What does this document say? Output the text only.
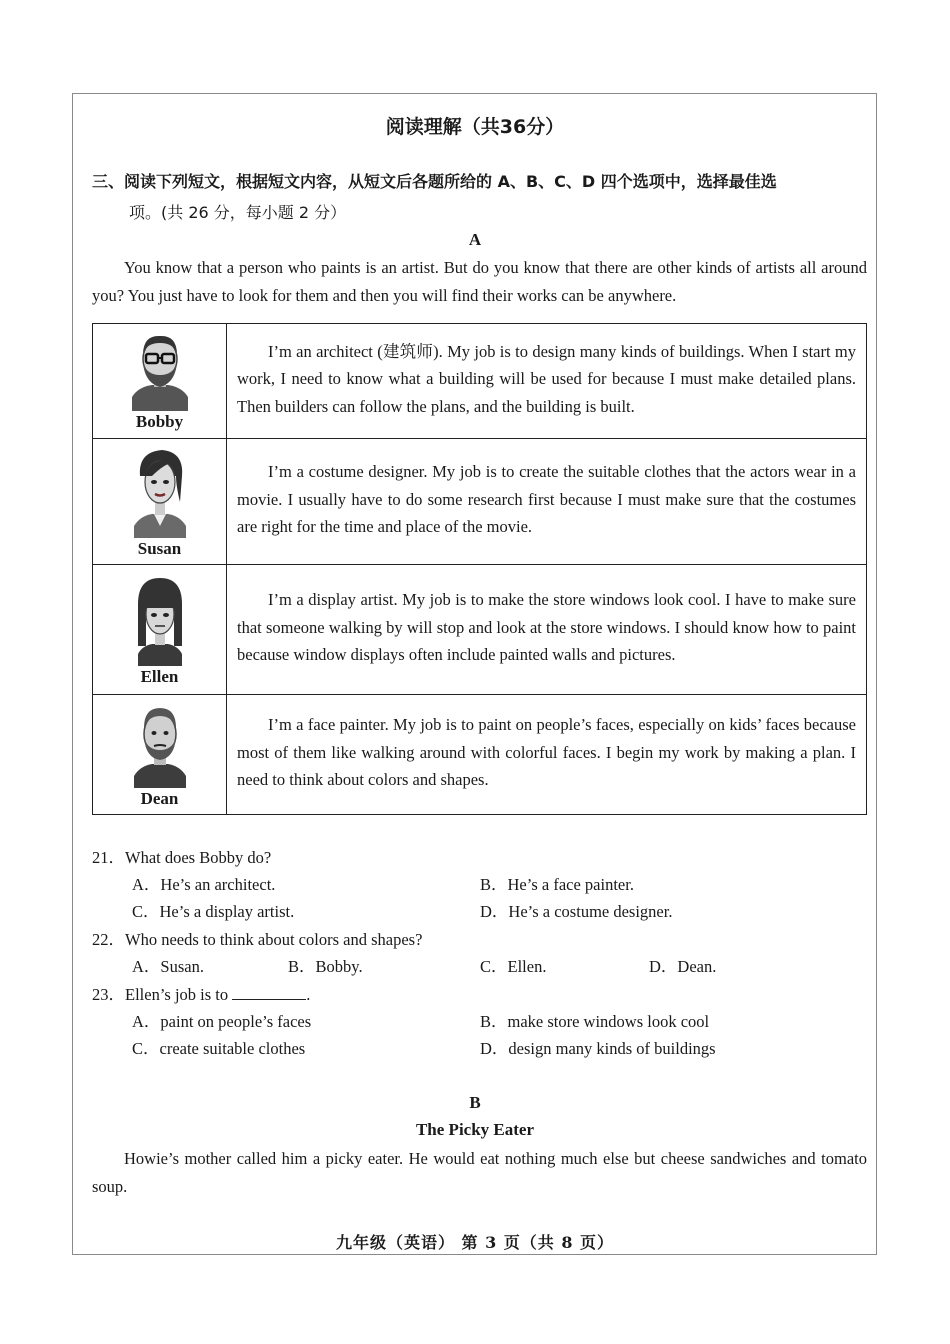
阅读理解（共36分）
三、阅读下列短文，根据短文内容，从短文后各题所给的 A、B、C、D 四个选项中，选择最佳选
项。(共 26 分，每小题 2 分）
A
You know that a person who paints is an artist. But do you know that there are other kinds of artists all around you? You just have to look for them and then you will find their works can be anywhere.
Bobby	I’m an architect (建筑师). My job is to design many kinds of buildings. When I start my work, I need to know what a building will be used for because I must make detailed plans. Then builders can follow the plans, and the building is built.

Susan	I’m a costume designer. My job is to create the suitable clothes that the actors wear in a movie. I usually have to do some research first because I must make sure that the costumes are right for the time and place of the movie.

Ellen	I’m a display artist. My job is to make the store windows look cool. I have to make sure that someone walking by will stop and look at the store windows. I should know how to paint because window displays often include painted walls and pictures.

Dean	I’m a face painter. My job is to paint on people’s faces, especially on kids’ faces because most of them like walking around with colorful faces. I begin my work by making a plan. I need to think about colors and shapes.
21．What does Bobby do?
A．He’s an architect.	B．He’s a face painter.
C．He’s a display artist.	D．He’s a costume designer.
22．Who needs to think about colors and shapes?
A．Susan.	B．Bobby.	C．Ellen.	D．Dean.
23．Ellen’s job is to	.
A．paint on people’s faces	B．make store windows look cool
C．create suitable clothes	D．design many kinds of buildings
B
The Picky Eater
Howie’s mother called him a picky eater. He would eat nothing much else but cheese sandwiches and tomato soup.
九年级（英语） 第 3 页（共 8 页）
